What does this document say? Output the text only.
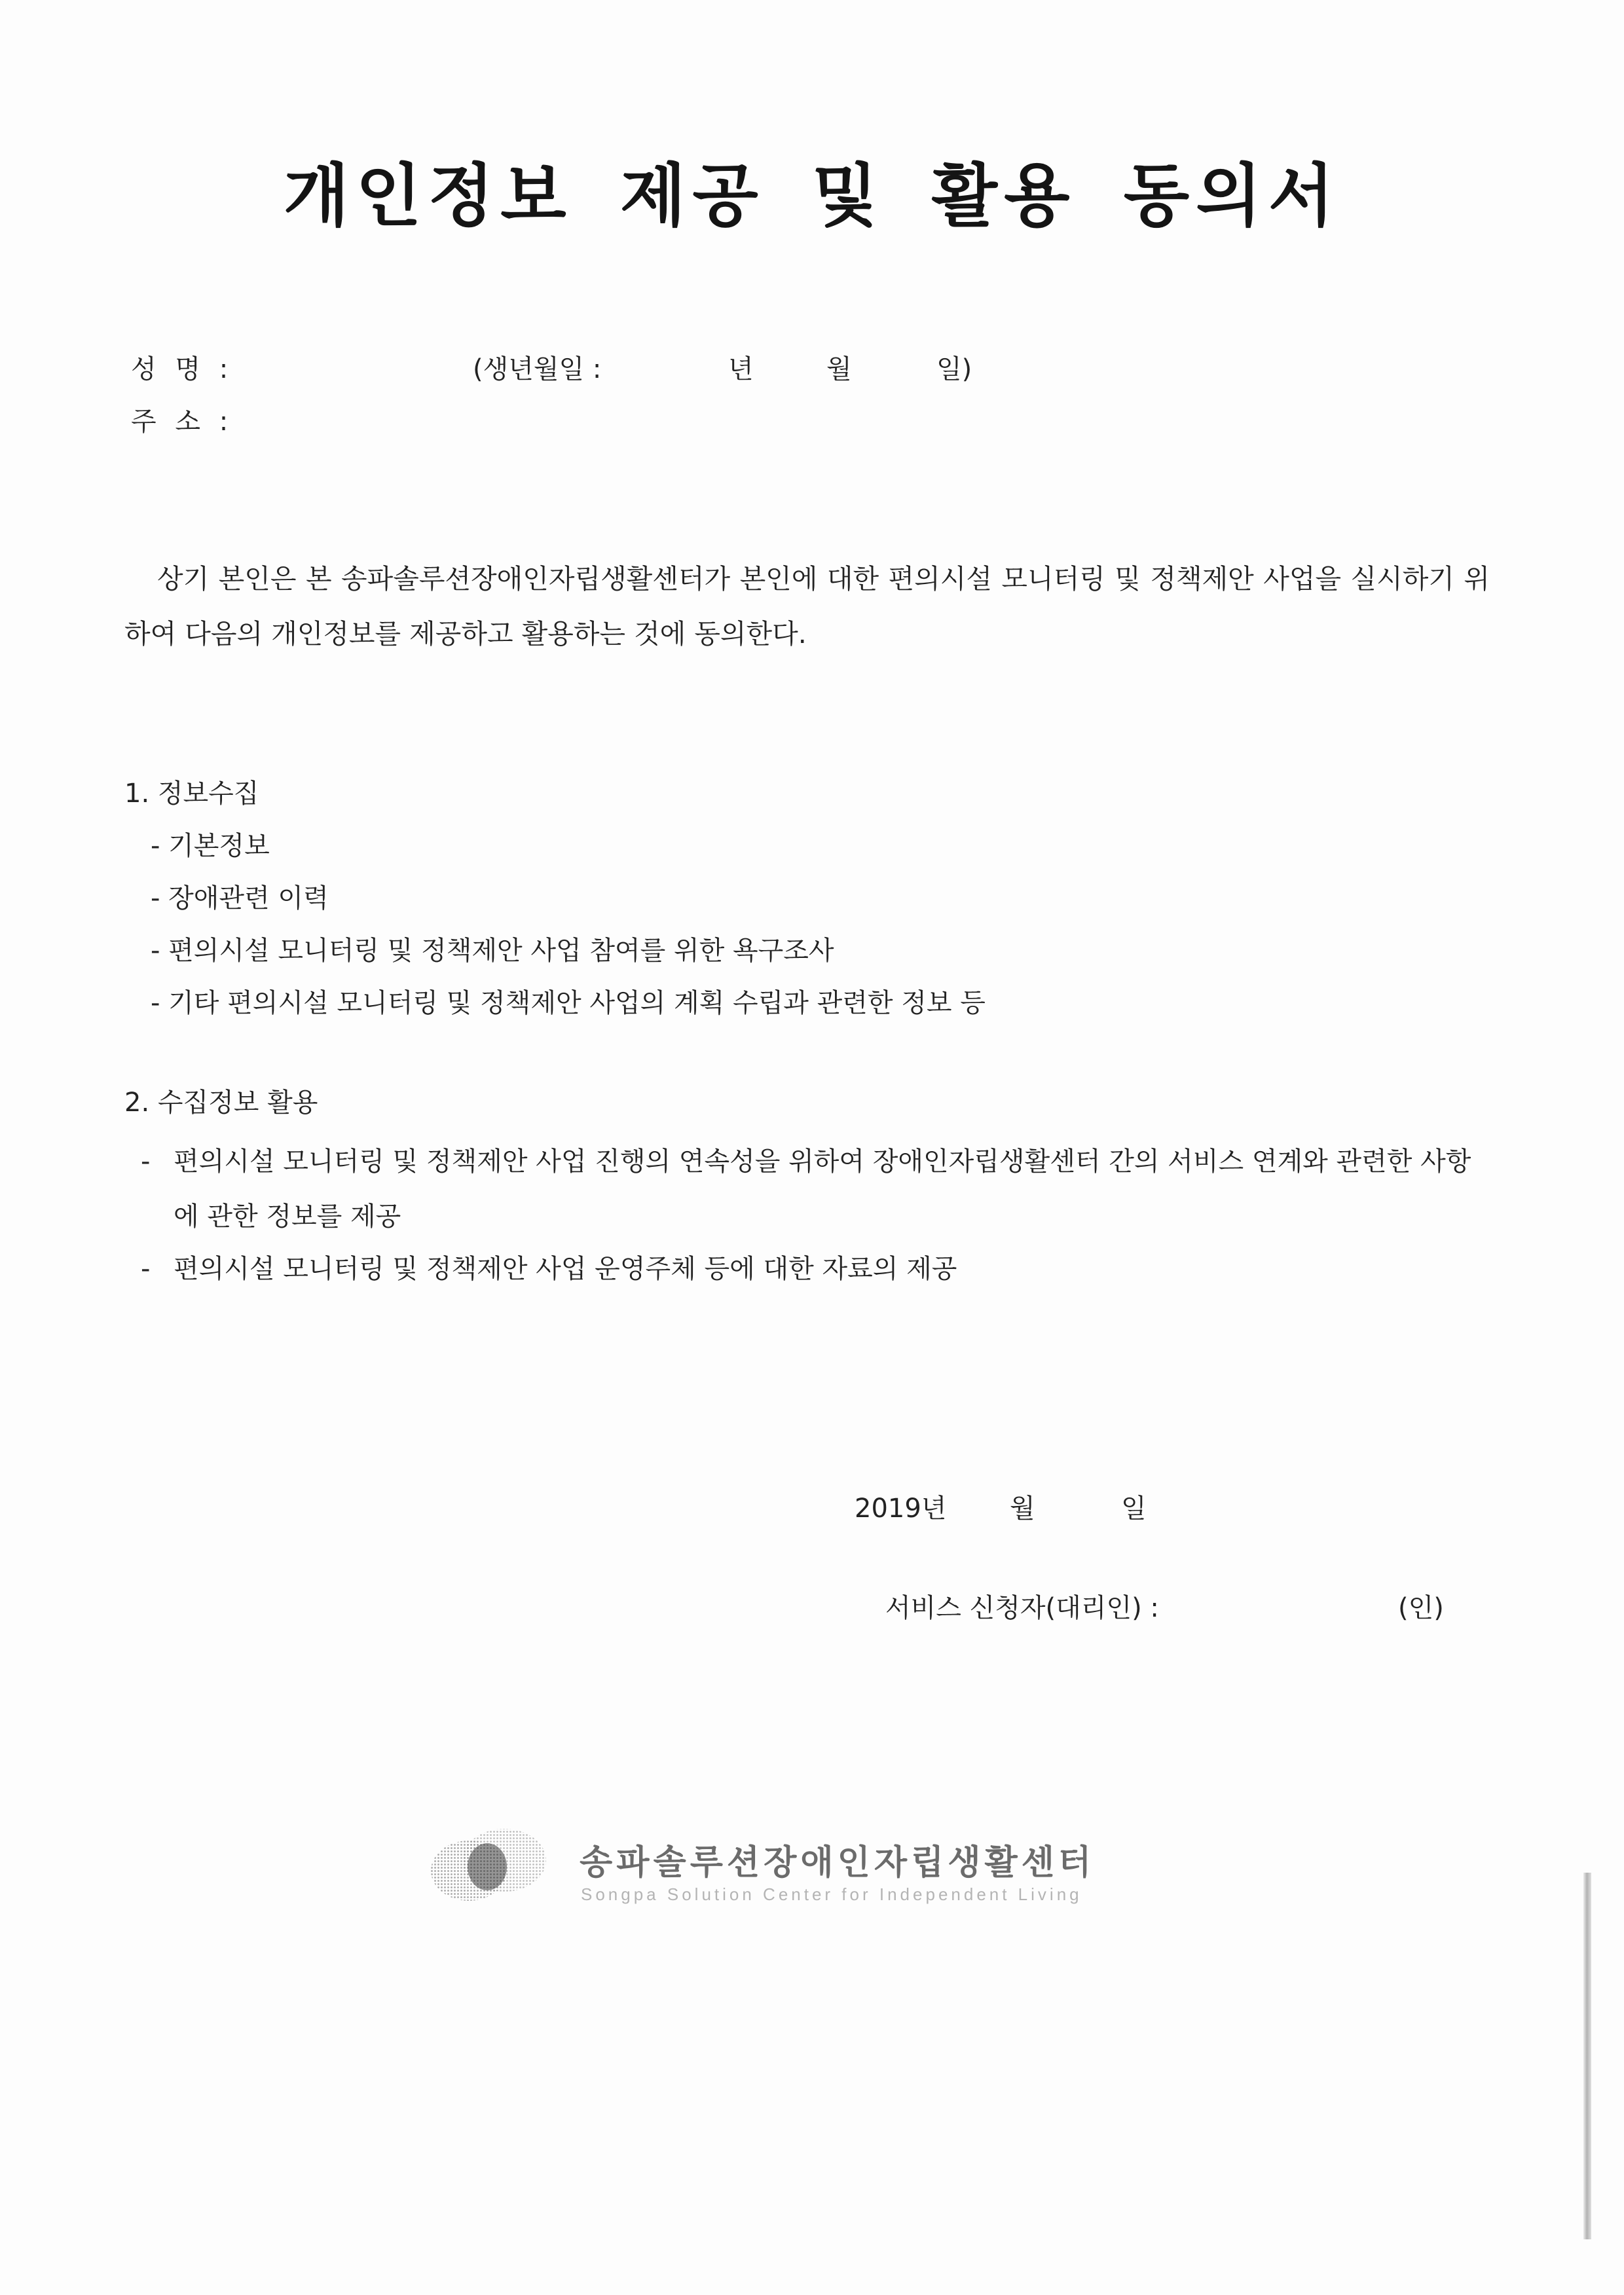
개인정보 제공 및 활용 동의서
성 명 :	(생년월일 :	년	월	일)
주 소 :
상기 본인은 본 송파솔루션장애인자립생활센터가 본인에 대한 편의시설 모니터링 및 정책제안 사업을 실시하기 위하여 다음의 개인정보를 제공하고 활용하는 것에 동의한다.
1. 정보수집
- 기본정보
- 장애관련 이력
- 편의시설 모니터링 및 정책제안 사업 참여를 위한 욕구조사
- 기타 편의시설 모니터링 및 정책제안 사업의 계획 수립과 관련한 정보 등
2. 수집정보 활용
- 편의시설 모니터링 및 정책제안 사업 진행의 연속성을 위하여 장애인자립생활센터 간의 서비스 연계와 관련한 사항에 관한 정보를 제공
- 편의시설 모니터링 및 정책제안 사업 운영주체 등에 대한 자료의 제공
2019년 월	일
서비스 신청자(대리인) :	(인)
송파솔루션장애인자립생활센터
Songpa Solution Center for Independent Living
